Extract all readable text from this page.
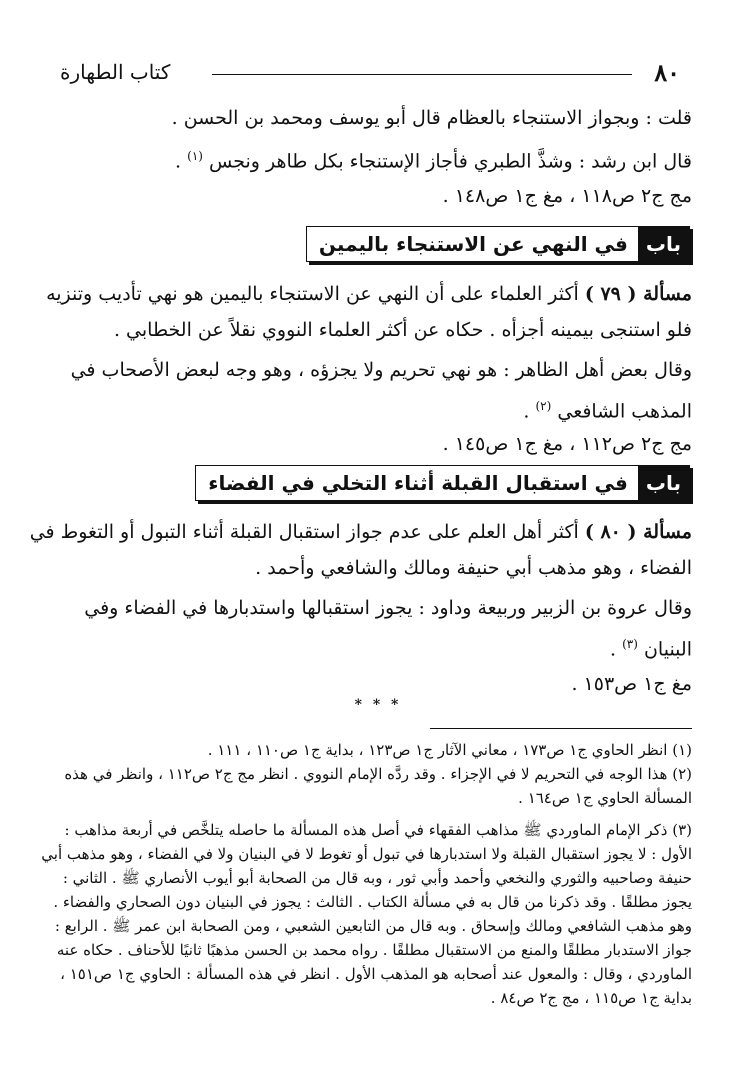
٨٠
كتاب الطهارة
قلت : وبجواز الاستنجاء بالعظام قال أبو يوسف ومحمد بن الحسن .
قال ابن رشد : وشذَّ الطبري فأجاز الإستنجاء بكل طاهر ونجس $^{(١)}$ .
مج ج٢ ص١١٨ ، مغ ج١ ص١٤٨ .
باب
في النهي عن الاستنجاء باليمين
مسألة ( ٧٩ ) أكثر العلماء على أن النهي عن الاستنجاء باليمين هو نهي تأديب وتنزيه
فلو استنجى بيمينه أجزأه . حكاه عن أكثر العلماء النووي نقلاً عن الخطابي .
وقال بعض أهل الظاهر : هو نهي تحريم ولا يجزؤه ، وهو وجه لبعض الأصحاب في
المذهب الشافعي $^{(٢)}$ .
مج ج٢ ص١١٢ ، مغ ج١ ص١٤٥ .
باب
في استقبال القبلة أثناء التخلي في الفضاء
مسألة ( ٨٠ ) أكثر أهل العلم على عدم جواز استقبال القبلة أثناء التبول أو التغوط في
الفضاء ، وهو مذهب أبي حنيفة ومالك والشافعي وأحمد .
وقال عروة بن الزبير وربيعة وداود : يجوز استقبالها واستدبارها في الفضاء وفي
البنيان $^{(٣)}$ .
مغ ج١ ص١٥٣ .
* * *
(١) انظر الحاوي ج١ ص١٧٣ ، معاني الآثار ج١ ص١٢٣ ، بداية ج١ ص١١٠ ، ١١١ .
(٢) هذا الوجه في التحريم لا في الإجزاء . وقد ردَّه الإمام النووي . انظر مج ج٢ ص١١٢ ، وانظر في هذه
المسألة الحاوي ج١ ص١٦٤ .
(٣) ذكر الإمام الماوردي ﷺ مذاهب الفقهاء في أصل هذه المسألة ما حاصله يتلخَّص في أربعة مذاهب :
الأول : لا يجوز استقبال القبلة ولا استدبارها في تبول أو تغوط لا في البنيان ولا في الفضاء ، وهو مذهب أبي
حنيفة وصاحبيه والثوري والنخعي وأحمد وأبي ثور ، وبه قال من الصحابة أبو أيوب الأنصاري ﷺ . الثاني :
يجوز مطلقًا . وقد ذكرنا من قال به في مسألة الكتاب . الثالث : يجوز في البنيان دون الصحاري والفضاء .
وهو مذهب الشافعي ومالك وإسحاق . وبه قال من التابعين الشعبي ، ومن الصحابة ابن عمر ﷺ . الرابع :
جواز الاستدبار مطلقًا والمنع من الاستقبال مطلقًا . رواه محمد بن الحسن مذهبًا ثانيًا للأحناف . حكاه عنه
الماوردي ، وقال : والمعول عند أصحابه هو المذهب الأول . انظر في هذه المسألة : الحاوي ج١ ص١٥١ ،
بداية ج١ ص١١٥ ، مج ج٢ ص٨٤ .
